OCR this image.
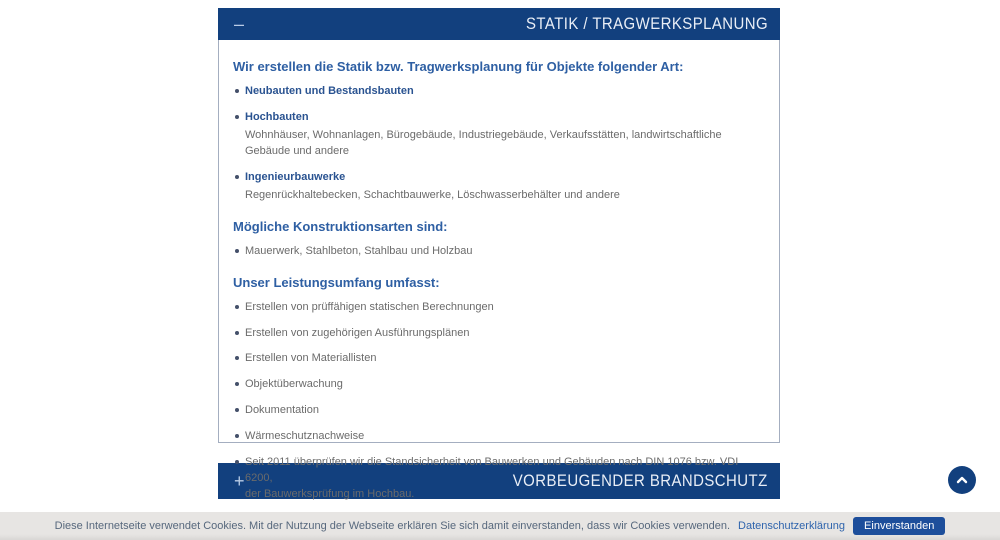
–	STATIK / TRAGWERKSPLANUNG
Wir erstellen die Statik bzw. Tragwerksplanung für Objekte folgender Art:
Neubauten und Bestandsbauten
Hochbauten
Wohnhäuser, Wohnanlagen, Bürogebäude, Industriegebäude, Verkaufsstätten, landwirtschaftliche Gebäude und andere
Ingenieurbauwerke
Regenrückhaltebecken, Schachtbauwerke, Löschwasserbehälter und andere
Mögliche Konstruktionsarten sind:
Mauerwerk, Stahlbeton, Stahlbau und Holzbau
Unser Leistungsumfang umfasst:
Erstellen von prüffähigen statischen Berechnungen
Erstellen von zugehörigen Ausführungsplänen
Erstellen von Materiallisten
Objektüberwachung
Dokumentation
Wärmeschutznachweise
Seit 2011 überprüfen wir die Standsicherheit von Bauwerken und Gebäuden nach DIN 1076 bzw. VDI 6200,
der Bauwerksprüfung im Hochbau.
+	VORBEUGENDER BRANDSCHUTZ
Diese Internetseite verwendet Cookies. Mit der Nutzung der Webseite erklären Sie sich damit einverstanden, dass wir Cookies verwenden. Datenschutzerklärung	Einverstanden
